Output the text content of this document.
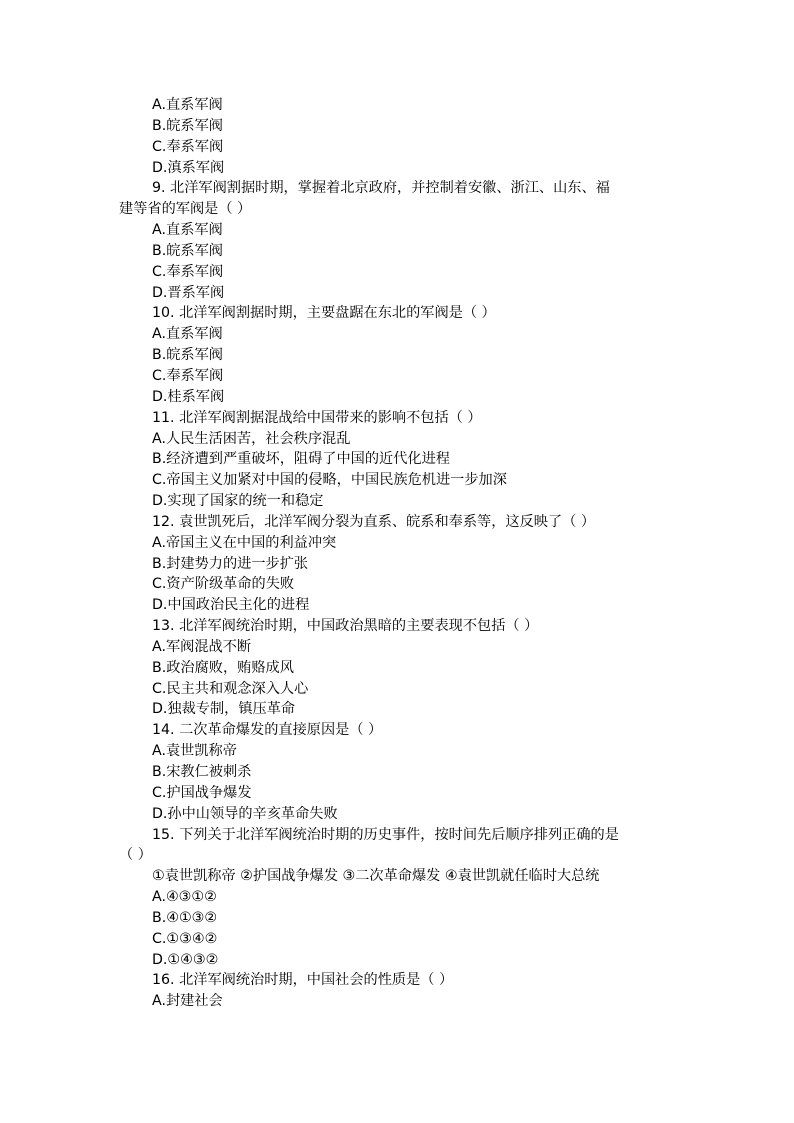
A.直系军阀
B.皖系军阀
C.奉系军阀
D.滇系军阀
9. 北洋军阀割据时期，掌握着北京政府，并控制着安徽、浙江、山东、福
建等省的军阀是（ ）
A.直系军阀
B.皖系军阀
C.奉系军阀
D.晋系军阀
10. 北洋军阀割据时期，主要盘踞在东北的军阀是（ ）
A.直系军阀
B.皖系军阀
C.奉系军阀
D.桂系军阀
11. 北洋军阀割据混战给中国带来的影响不包括（ ）
A.人民生活困苦，社会秩序混乱
B.经济遭到严重破坏，阻碍了中国的近代化进程
C.帝国主义加紧对中国的侵略，中国民族危机进一步加深
D.实现了国家的统一和稳定
12. 袁世凯死后，北洋军阀分裂为直系、皖系和奉系等，这反映了（ ）
A.帝国主义在中国的利益冲突
B.封建势力的进一步扩张
C.资产阶级革命的失败
D.中国政治民主化的进程
13. 北洋军阀统治时期，中国政治黑暗的主要表现不包括（ ）
A.军阀混战不断
B.政治腐败，贿赂成风
C.民主共和观念深入人心
D.独裁专制，镇压革命
14. 二次革命爆发的直接原因是（ ）
A.袁世凯称帝
B.宋教仁被刺杀
C.护国战争爆发
D.孙中山领导的辛亥革命失败
15. 下列关于北洋军阀统治时期的历史事件，按时间先后顺序排列正确的是
（ ）
①袁世凯称帝 ②护国战争爆发 ③二次革命爆发 ④袁世凯就任临时大总统
A.④③①②
B.④①③②
C.①③④②
D.①④③②
16. 北洋军阀统治时期，中国社会的性质是（ ）
A.封建社会
